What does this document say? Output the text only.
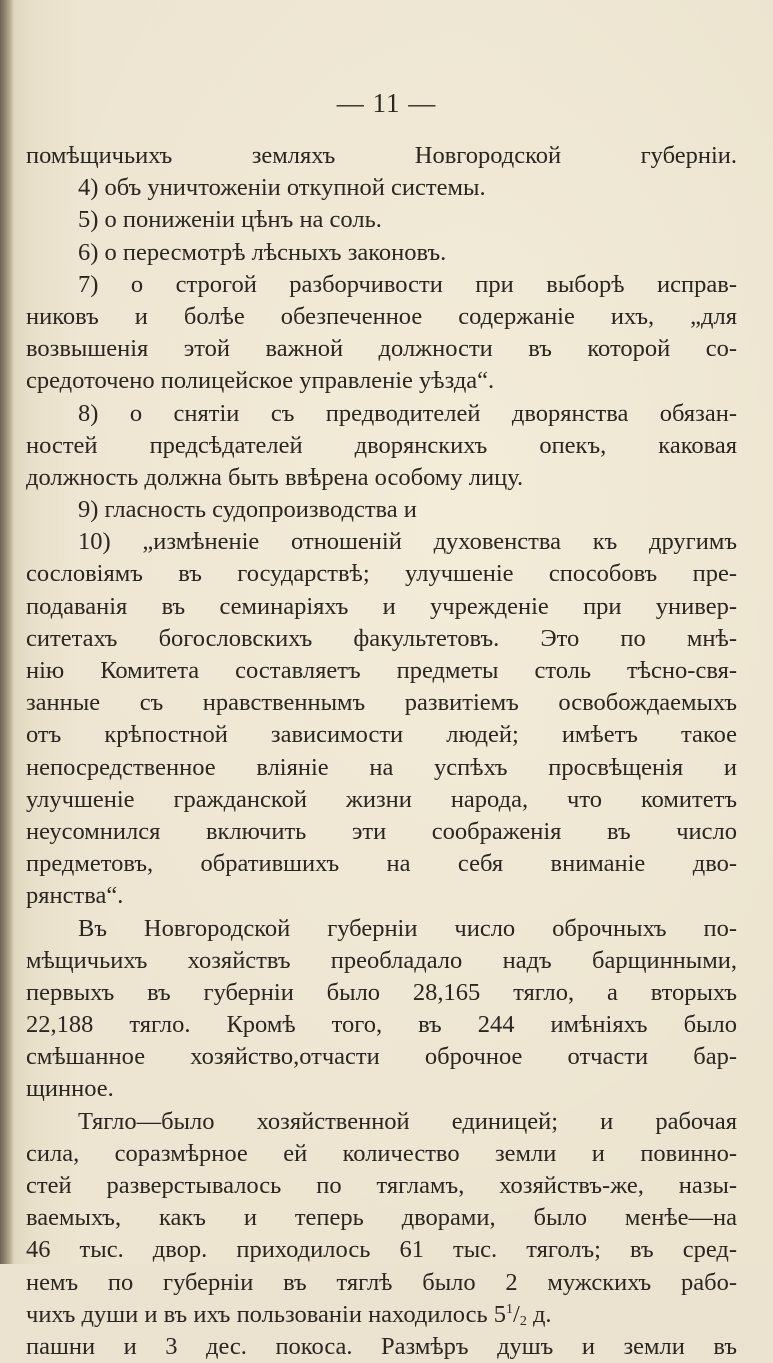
— 11 —
помѣщичьихъ земляхъ Новгородской губерніи.
4) объ уничтоженіи откупной системы.
5) о пониженіи цѣнъ на соль.
6) о пересмотрѣ лѣсныхъ законовъ.
7) о строгой разборчивости при выборѣ исправ-
никовъ и болѣе обезпеченное содержаніе ихъ, „для
возвышенія этой важной должности въ которой со-
средоточено полицейское управленіе уѣзда“.
8) о снятіи съ предводителей дворянства обязан-
ностей предсѣдателей дворянскихъ опекъ, каковая
должность должна быть ввѣрена особому лицу.
9) гласность судопроизводства и
10) „измѣненіе отношеній духовенства къ другимъ
сословіямъ въ государствѣ; улучшеніе способовъ пре-
подаванія въ семинаріяхъ и учрежденіе при универ-
ситетахъ богословскихъ факультетовъ. Это по мнѣ-
нію Комитета составляетъ предметы столь тѣсно-свя-
занные съ нравственнымъ развитіемъ освобождаемыхъ
отъ крѣпостной зависимости людей; имѣетъ такое
непосредственное вліяніе на успѣхъ просвѣщенія и
улучшеніе гражданской жизни народа, что комитетъ
неусомнился включить эти соображенія въ число
предметовъ, обратившихъ на себя вниманіе дво-
рянства“.
Въ Новгородской губерніи число оброчныхъ по-
мѣщичьихъ хозяйствъ преобладало надъ барщинными,
первыхъ въ губерніи было 28,165 тягло, а вторыхъ
22,188 тягло. Кромѣ того, въ 244 имѣніяхъ было
смѣшанное хозяйство,отчасти оброчное отчасти бар-
щинное.
Тягло—было хозяйственной единицей; и рабочая
сила, соразмѣрное ей количество земли и повинно-
стей разверстывалось по тягламъ, хозяйствъ-же, назы-
ваемыхъ, какъ и теперь дворами, было менѣе—на
46 тыс. двор. приходилось 61 тыс. тяголъ; въ сред-
немъ по губерніи въ тяглѣ было 2 мужскихъ рабо-
чихъ души и въ ихъ пользованіи находилось $5^1/_2$ д.
пашни и 3 дес. покоса. Размѣръ душъ и земли въ
